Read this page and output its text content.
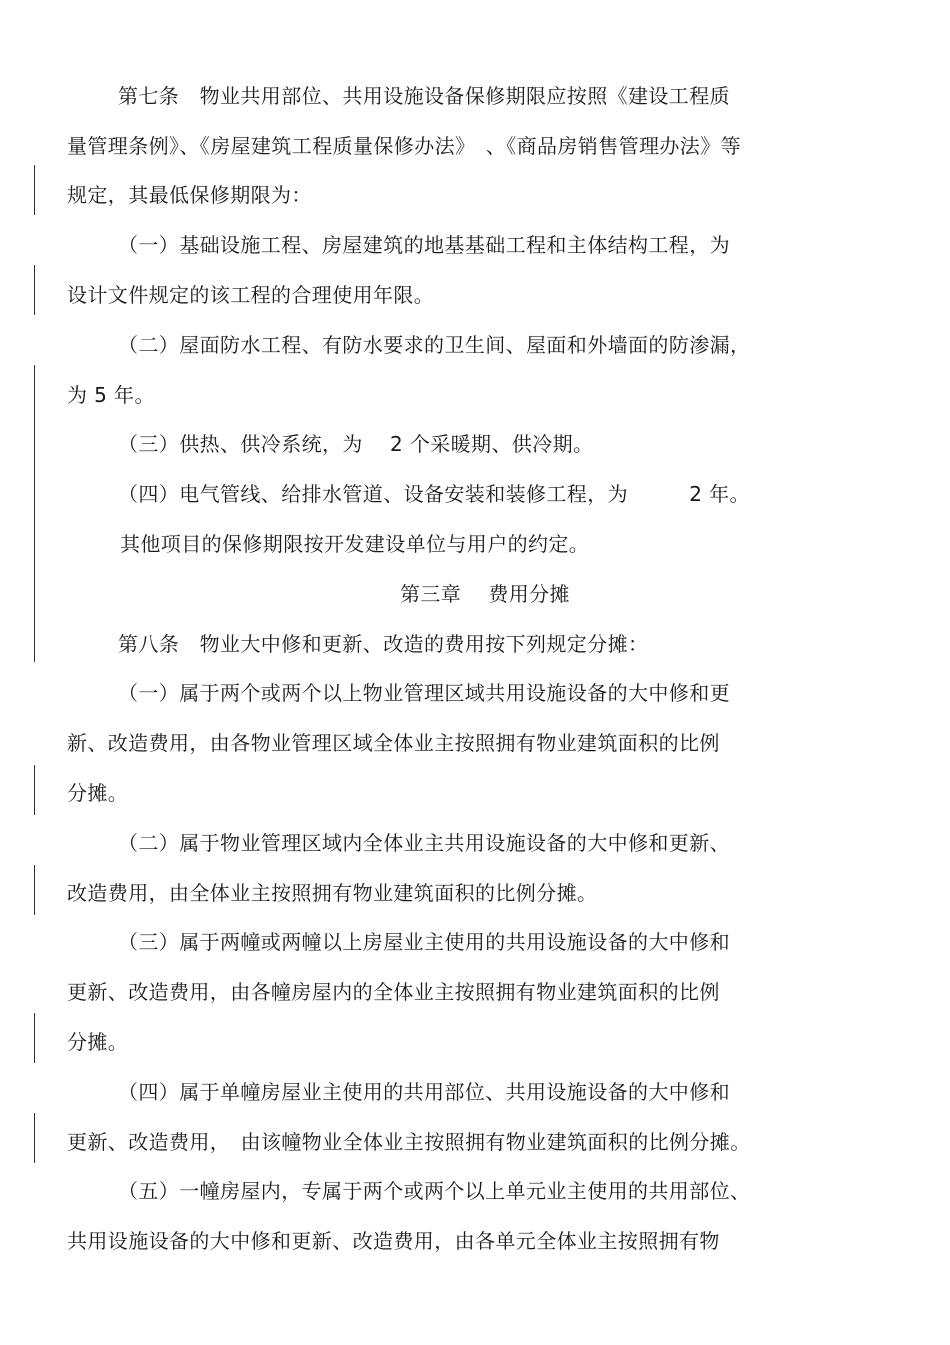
第七条　物业共用部位、共用设施设备保修期限应按照《建设工程质
量管理条例》、《房屋建筑工程质量保修办法》　、《商品房销售管理办法》等
规定，其最低保修期限为：
（一）基础设施工程、房屋建筑的地基基础工程和主体结构工程，为
设计文件规定的该工程的合理使用年限。
（二）屋面防水工程、有防水要求的卫生间、屋面和外墙面的防渗漏，
为 5 年。
（三）供热、供冷系统，为　 2 个采暖期、供冷期。
（四）电气管线、给排水管道、设备安装和装修工程，为　　　2 年。
其他项目的保修期限按开发建设单位与用户的约定。
第三章　 费用分摊
第八条　物业大中修和更新、改造的费用按下列规定分摊：
（一）属于两个或两个以上物业管理区域共用设施设备的大中修和更
新、改造费用，由各物业管理区域全体业主按照拥有物业建筑面积的比例
分摊。
（二）属于物业管理区域内全体业主共用设施设备的大中修和更新、
改造费用，由全体业主按照拥有物业建筑面积的比例分摊。
（三）属于两幢或两幢以上房屋业主使用的共用设施设备的大中修和
更新、改造费用，由各幢房屋内的全体业主按照拥有物业建筑面积的比例
分摊。
（四）属于单幢房屋业主使用的共用部位、共用设施设备的大中修和
更新、改造费用，　由该幢物业全体业主按照拥有物业建筑面积的比例分摊。
（五）一幢房屋内，专属于两个或两个以上单元业主使用的共用部位、
共用设施设备的大中修和更新、改造费用，由各单元全体业主按照拥有物
